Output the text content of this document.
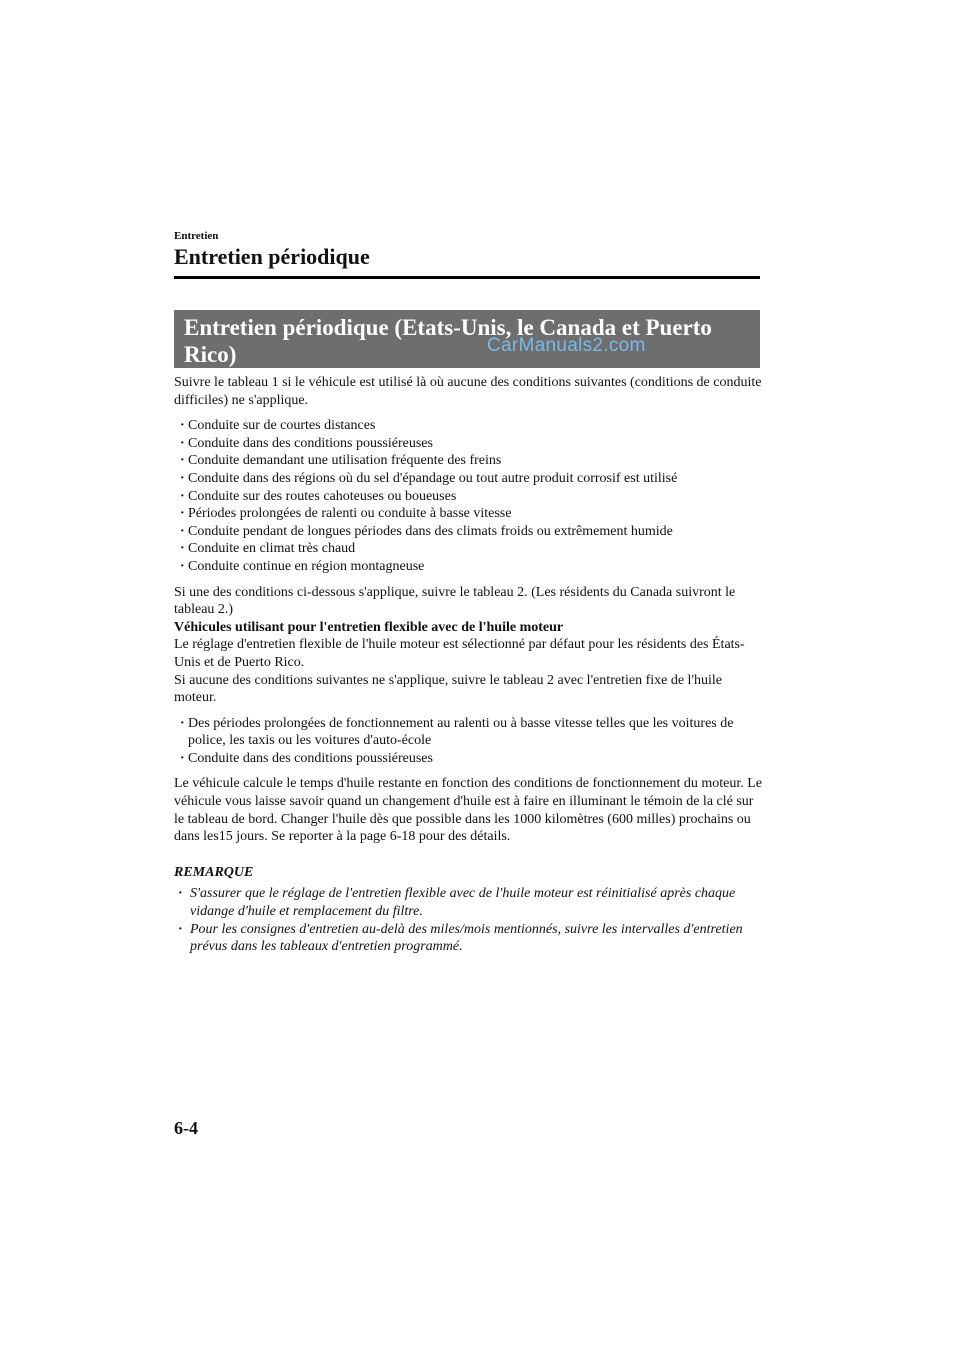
Entretien
Entretien périodique
Entretien périodique (Etats-Unis, le Canada et Puerto Rico)	CarManuals2.com

Suivre le tableau 1 si le véhicule est utilisé là où aucune des conditions suivantes (conditions de conduite difficiles) ne s'applique.

· Conduite sur de courtes distances
· Conduite dans des conditions poussiéreuses
· Conduite demandant une utilisation fréquente des freins
· Conduite dans des régions où du sel d'épandage ou tout autre produit corrosif est utilisé
· Conduite sur des routes cahoteuses ou boueuses
· Périodes prolongées de ralenti ou conduite à basse vitesse
· Conduite pendant de longues périodes dans des climats froids ou extrêmement humide
· Conduite en climat très chaud
· Conduite continue en région montagneuse

Si une des conditions ci-dessous s'applique, suivre le tableau 2. (Les résidents du Canada suivront le tableau 2.)

Véhicules utilisant pour l'entretien flexible avec de l'huile moteur

Le réglage d'entretien flexible de l'huile moteur est sélectionné par défaut pour les résidents des États-Unis et de Puerto Rico.

Si aucune des conditions suivantes ne s'applique, suivre le tableau 2 avec l'entretien fixe de l'huile moteur.

· Des périodes prolongées de fonctionnement au ralenti ou à basse vitesse telles que les voitures de police, les taxis ou les voitures d'auto-école
· Conduite dans des conditions poussiéreuses

Le véhicule calcule le temps d'huile restante en fonction des conditions de fonctionnement du moteur. Le véhicule vous laisse savoir quand un changement d'huile est à faire en illuminant le témoin de la clé sur le tableau de bord. Changer l'huile dès que possible dans les 1000 kilomètres (600 milles) prochains ou dans les15 jours. Se reporter à la page 6-18 pour des détails.

REMARQUE

· S'assurer que le réglage de l'entretien flexible avec de l'huile moteur est réinitialisé après chaque vidange d'huile et remplacement du filtre.
· Pour les consignes d'entretien au-delà des miles/mois mentionnés, suivre les intervalles d'entretien prévus dans les tableaux d'entretien programmé.
6-4
